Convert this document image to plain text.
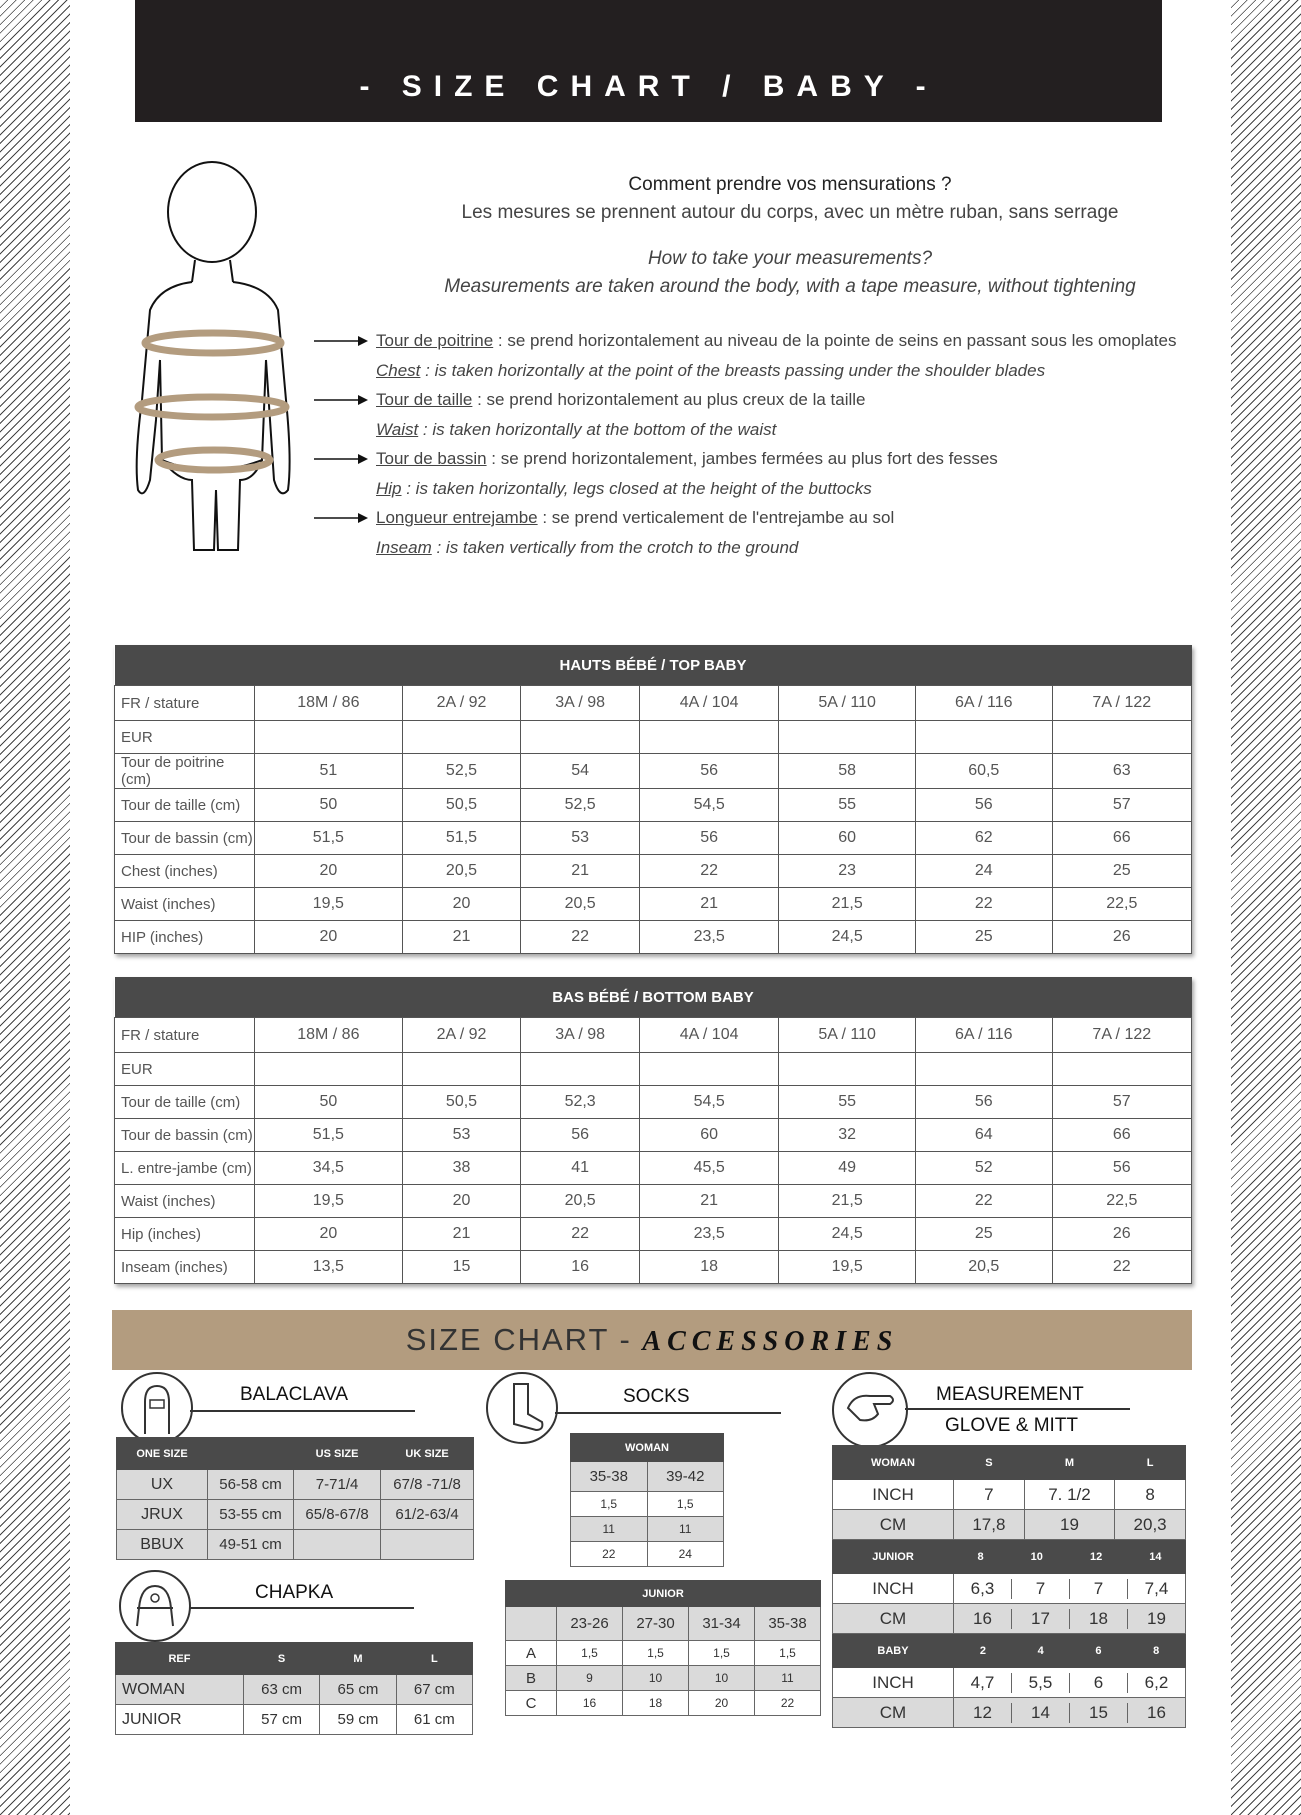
- SIZE CHART / BABY -
Comment prendre vos mensurations ?
Les mesures se prennent autour du corps, avec un mètre ruban, sans serrage
How to take your measurements?
Measurements are taken around the body, with a tape measure, without tightening
Tour de poitrine : se prend horizontalement au niveau de la pointe de seins en passant sous les omoplates
Chest : is taken horizontally at the point of the breasts passing under the shoulder blades
Tour de taille : se prend horizontalement au plus creux de la taille
Waist : is taken horizontally at the bottom of the waist
Tour de bassin : se prend horizontalement, jambes fermées au plus fort des fesses
Hip : is taken horizontally, legs closed at the height of the buttocks
Longueur entrejambe : se prend verticalement de l'entrejambe au sol
Inseam : is taken vertically from the crotch to the ground
HAUTS BÉBÉ / TOP BABY							
FR / stature	18M / 86	2A / 92	3A / 98	4A / 104	5A / 110	6A / 116	7A / 122
EUR							
Tour de poitrine (cm)	51	52,5	54	56	58	60,5	63
Tour de taille (cm)	50	50,5	52,5	54,5	55	56	57
Tour de bassin (cm)	51,5	51,5	53	56	60	62	66
Chest (inches)	20	20,5	21	22	23	24	25
Waist (inches)	19,5	20	20,5	21	21,5	22	22,5
HIP (inches)	20	21	22	23,5	24,5	25	26
BAS BÉBÉ / BOTTOM BABY							
FR / stature	18M / 86	2A / 92	3A / 98	4A / 104	5A / 110	6A / 116	7A / 122
EUR							
Tour de taille (cm)	50	50,5	52,3	54,5	55	56	57
Tour de bassin (cm)	51,5	53	56	60	32	64	66
L. entre-jambe (cm)	34,5	38	41	45,5	49	52	56
Waist (inches)	19,5	20	20,5	21	21,5	22	22,5
Hip (inches)	20	21	22	23,5	24,5	25	26
Inseam (inches)	13,5	15	16	18	19,5	20,5	22
SIZE CHART - ACCESSORIES
BALACLAVA
ONE SIZE		US SIZE	UK SIZE
UX	56-58 cm	7-71/4	67/8 -71/8
JRUX	53-55 cm	65/8-67/8	61/2-63/4
BBUX	49-51 cm		
CHAPKA
REF	S	M	L
WOMAN	63 cm	65 cm	67 cm
JUNIOR	57 cm	59 cm	61 cm
SOCKS
WOMAN	
35-38	39-42
1,5	1,5
11	11
22	24
JUNIOR				
	23-26	27-30	31-34	35-38
A	1,5	1,5	1,5	1,5
B	9	10	10	11
C	16	18	20	22
MEASUREMENT
GLOVE & MITT
WOMAN	S	M	L
INCH	7	7. 1/2	8
CM	17,8	19	20,3
JUNIOR	8 10 12 14		

INCH	6,3 7 7 7,4		

CM	16 17 18 19		

BABY	2 4 6 8		

INCH	4,7 5,5 6 6,2		

CM	12 14 15 16		
